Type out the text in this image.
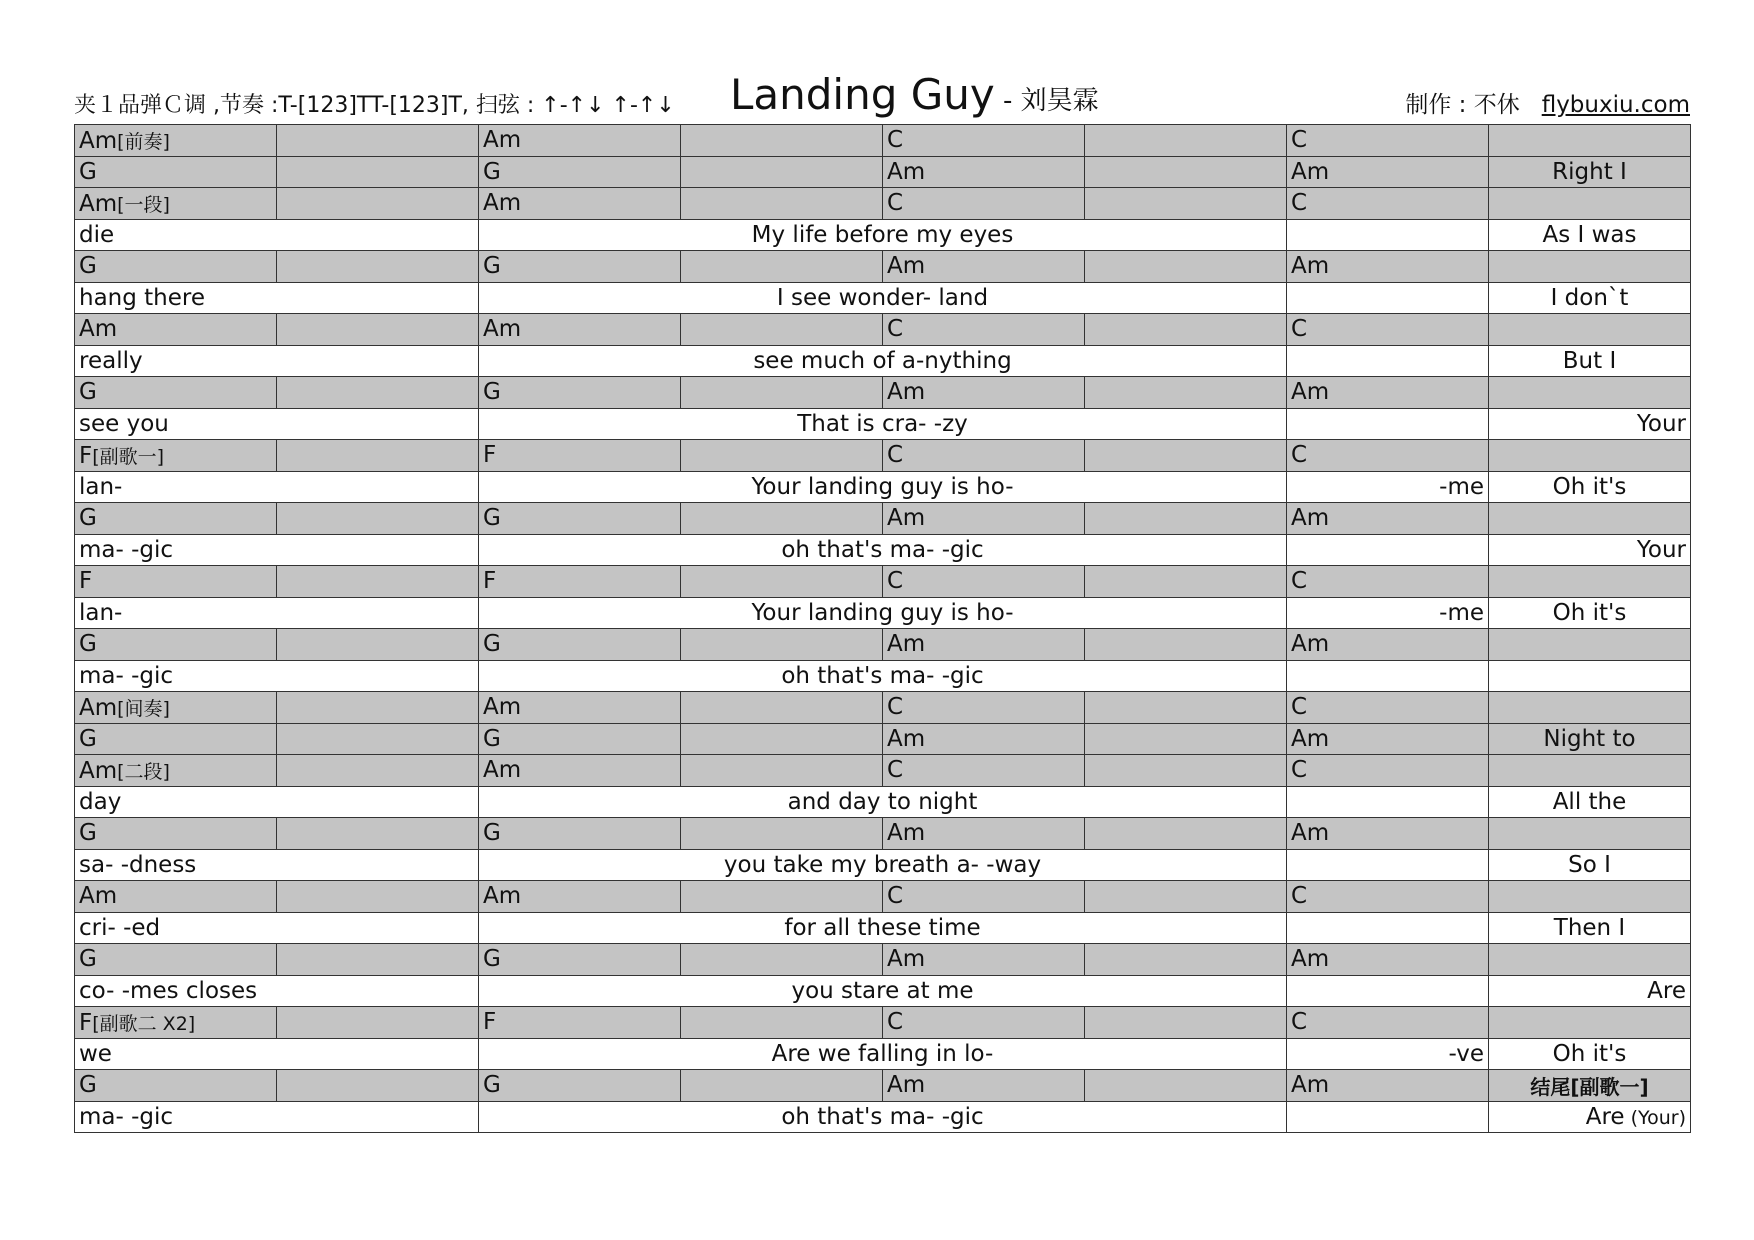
夹１品弹Ｃ调 ,节奏 :T-[123]TT-[123]T, 扫弦 : ↑-↑↓ ↑-↑↓ Landing Guy - 刘昊霖	制作 : 不休 flybuxiu.com
Am[前奏]		Am		C		C	
G		G		Am		Am	Right I
Am[一段]		Am		C		C	
die		My life before my eyes					As I was
G		G		Am		Am	
hang there		I see wonder- land					I don`t
Am		Am		C		C	
really		see much of a-nything					But I
G		G		Am		Am	
see you		That is cra- -zy					Your
F[副歌一]		F		C		C	
lan-		Your landing guy is ho-				-me	Oh it's
G		G		Am		Am	
ma- -gic		oh that's ma- -gic					Your
F		F		C		C	
lan-		Your landing guy is ho-				-me	Oh it's
G		G		Am		Am	
ma- -gic		oh that's ma- -gic					
Am[间奏]		Am		C		C	
G		G		Am		Am	Night to
Am[二段]		Am		C		C	
day		and day to night					All the
G		G		Am		Am	
sa- -dness		you take my breath a- -way					So I
Am		Am		C		C	
cri- -ed		for all these time					Then I
G		G		Am		Am	
co- -mes closes		you stare at me					Are
F[副歌二 X2]		F		C		C	
we		Are we falling in lo-				-ve	Oh it's
G		G		Am		Am	结尾[副歌一]
ma- -gic		oh that's ma- -gic					Are (Your)
